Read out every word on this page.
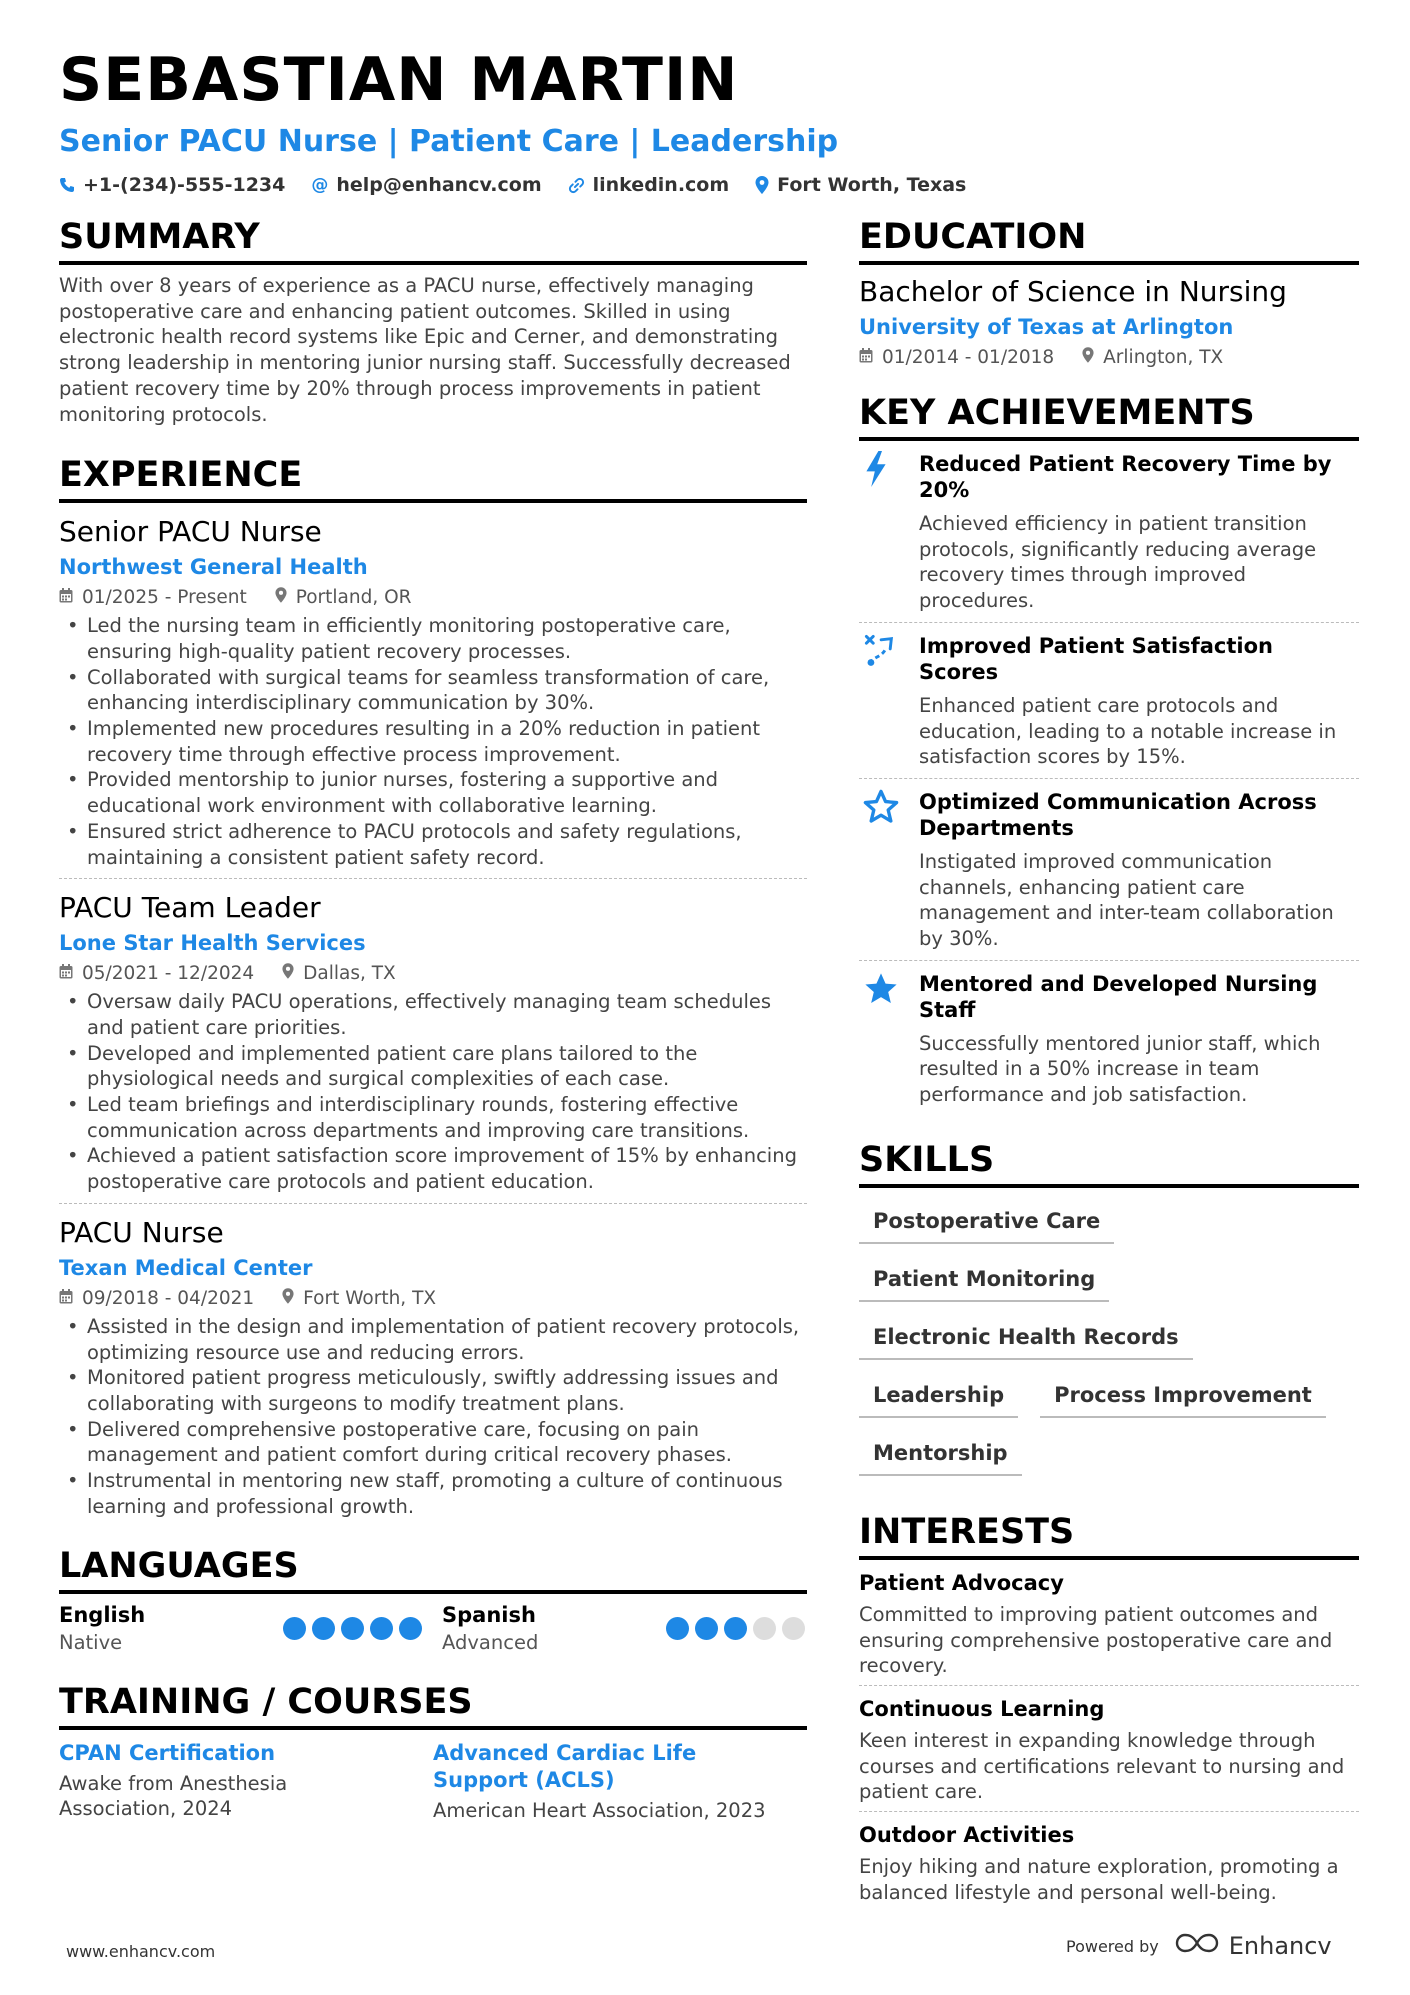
SEBASTIAN MARTIN
Senior PACU Nurse | Patient Care | Leadership
+1-(234)-555-1234 @ help@enhancv.com	linkedin.com	Fort Worth, Texas
SUMMARY
With over 8 years of experience as a PACU nurse, effectively managing postoperative care and enhancing patient outcomes. Skilled in using electronic health record systems like Epic and Cerner, and demonstrating strong leadership in mentoring junior nursing staff. Successfully decreased patient recovery time by 20% through process improvements in patient monitoring protocols.
EXPERIENCE
Senior PACU Nurse
Northwest General Health
01/2025 - Present	Portland, OR
• Led the nursing team in efficiently monitoring postoperative care, ensuring high-quality patient recovery processes.
• Collaborated with surgical teams for seamless transformation of care, enhancing interdisciplinary communication by 30%.
• Implemented new procedures resulting in a 20% reduction in patient recovery time through effective process improvement.
• Provided mentorship to junior nurses, fostering a supportive and educational work environment with collaborative learning.
• Ensured strict adherence to PACU protocols and safety regulations, maintaining a consistent patient safety record.
PACU Team Leader
Lone Star Health Services
05/2021 - 12/2024	Dallas, TX
• Oversaw daily PACU operations, effectively managing team schedules and patient care priorities.
• Developed and implemented patient care plans tailored to the physiological needs and surgical complexities of each case.
• Led team briefings and interdisciplinary rounds, fostering effective communication across departments and improving care transitions.
• Achieved a patient satisfaction score improvement of 15% by enhancing postoperative care protocols and patient education.
PACU Nurse
Texan Medical Center
09/2018 - 04/2021	Fort Worth, TX
• Assisted in the design and implementation of patient recovery protocols, optimizing resource use and reducing errors.
• Monitored patient progress meticulously, swiftly addressing issues and collaborating with surgeons to modify treatment plans.
• Delivered comprehensive postoperative care, focusing on pain management and patient comfort during critical recovery phases.
• Instrumental in mentoring new staff, promoting a culture of continuous learning and professional growth.
LANGUAGES
English
Native
Spanish
Advanced
TRAINING / COURSES
CPAN Certification
Awake from Anesthesia Association, 2024
Advanced Cardiac Life Support (ACLS)
American Heart Association, 2023
EDUCATION
Bachelor of Science in Nursing
University of Texas at Arlington
01/2014 - 01/2018	Arlington, TX
KEY ACHIEVEMENTS
Reduced Patient Recovery Time by 20%
Achieved efficiency in patient transition protocols, significantly reducing average recovery times through improved procedures.
Improved Patient Satisfaction Scores
Enhanced patient care protocols and education, leading to a notable increase in satisfaction scores by 15%.
Optimized Communication Across Departments
Instigated improved communication channels, enhancing patient care management and inter-team collaboration by 30%.
Mentored and Developed Nursing Staff
Successfully mentored junior staff, which resulted in a 50% increase in team performance and job satisfaction.
SKILLS
Postoperative Care
Patient Monitoring
Electronic Health Records
Leadership	Process Improvement
Mentorship
INTERESTS
Patient Advocacy
Committed to improving patient outcomes and ensuring comprehensive postoperative care and recovery.
Continuous Learning
Keen interest in expanding knowledge through courses and certifications relevant to nursing and patient care.
Outdoor Activities
Enjoy hiking and nature exploration, promoting a balanced lifestyle and personal well-being.
www.enhancv.com	Powered by	Enhancv
